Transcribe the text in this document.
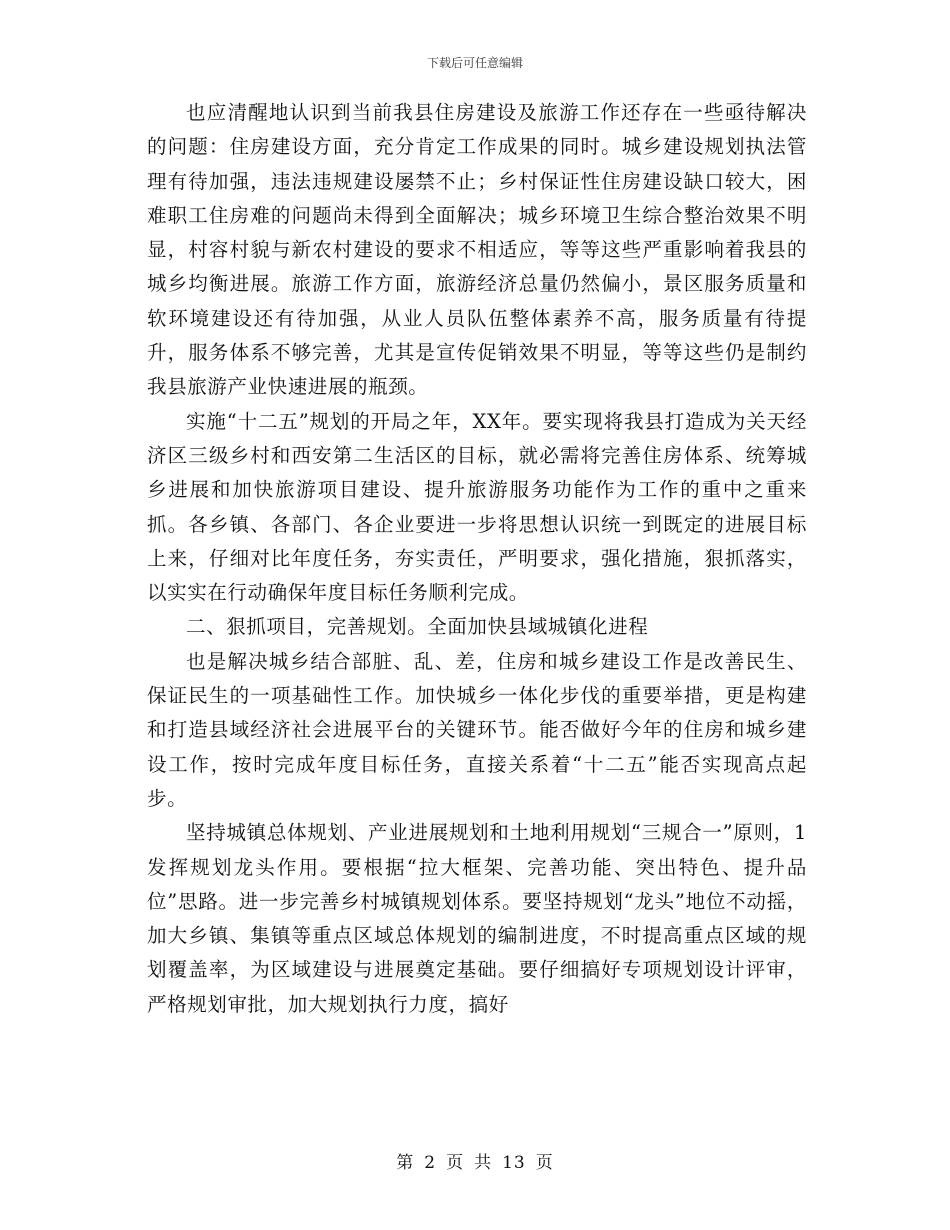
下载后可任意编辑

也应清醒地认识到当前我县住房建设及旅游工作还存在一些亟待解决的问题：住房建设方面，充分肯定工作成果的同时。城乡建设规划执法管理有待加强，违法违规建设屡禁不止；乡村保证性住房建设缺口较大，困难职工住房难的问题尚未得到全面解决；城乡环境卫生综合整治效果不明显，村容村貌与新农村建设的要求不相适应，等等这些严重影响着我县的城乡均衡进展。旅游工作方面，旅游经济总量仍然偏小，景区服务质量和软环境建设还有待加强，从业人员队伍整体素养不高，服务质量有待提升，服务体系不够完善，尤其是宣传促销效果不明显，等等这些仍是制约我县旅游产业快速进展的瓶颈。

实施“十二五”规划的开局之年，XX年。要实现将我县打造成为关天经济区三级乡村和西安第二生活区的目标，就必需将完善住房体系、统筹城乡进展和加快旅游项目建设、提升旅游服务功能作为工作的重中之重来抓。各乡镇、各部门、各企业要进一步将思想认识统一到既定的进展目标上来，仔细对比年度任务，夯实责任，严明要求，强化措施，狠抓落实，以实实在行动确保年度目标任务顺利完成。

二、狠抓项目，完善规划。全面加快县域城镇化进程

也是解决城乡结合部脏、乱、差，住房和城乡建设工作是改善民生、保证民生的一项基础性工作。加快城乡一体化步伐的重要举措，更是构建和打造县域经济社会进展平台的关键环节。能否做好今年的住房和城乡建设工作，按时完成年度目标任务，直接关系着“十二五”能否实现高点起步。

坚持城镇总体规划、产业进展规划和土地利用规划“三规合一”原则，1发挥规划龙头作用。要根据“拉大框架、完善功能、突出特色、提升品位”思路。进一步完善乡村城镇规划体系。要坚持规划“龙头”地位不动摇，加大乡镇、集镇等重点区域总体规划的编制进度，不时提高重点区域的规划覆盖率，为区域建设与进展奠定基础。要仔细搞好专项规划设计评审，严格规划审批，加大规划执行力度，搞好

第 2 页 共 13 页
